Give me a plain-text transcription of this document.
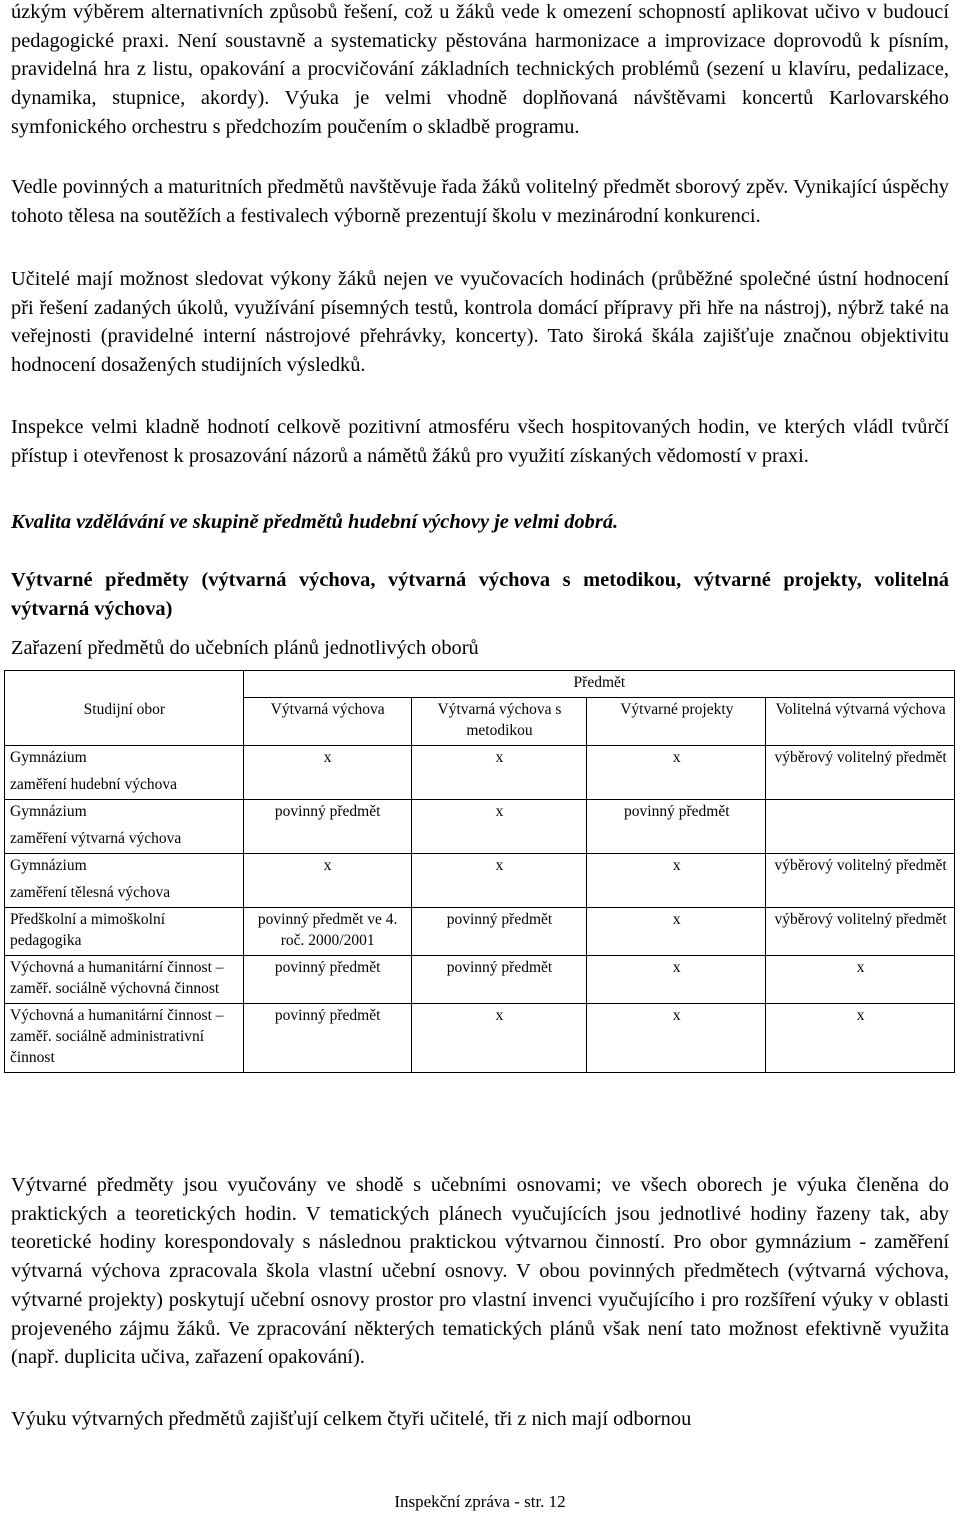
úzkým výběrem alternativních způsobů řešení, což u žáků vede k omezení schopností aplikovat učivo v budoucí pedagogické praxi. Není soustavně a systematicky pěstována harmonizace a improvizace doprovodů k písním, pravidelná hra z listu, opakování a procvičování základních technických problémů (sezení u klavíru, pedalizace, dynamika, stupnice, akordy). Výuka je velmi vhodně doplňovaná návštěvami koncertů Karlovarského symfonického orchestru s předchozím poučením o skladbě programu.

Vedle povinných a maturitních předmětů navštěvuje řada žáků volitelný předmět sborový zpěv. Vynikající úspěchy tohoto tělesa na soutěžích a festivalech výborně prezentují školu v mezinárodní konkurenci.

Učitelé mají možnost sledovat výkony žáků nejen ve vyučovacích hodinách (průběžné společné ústní hodnocení při řešení zadaných úkolů, využívání písemných testů, kontrola domácí přípravy při hře na nástroj), nýbrž také na veřejnosti (pravidelné interní nástrojové přehrávky, koncerty). Tato široká škála zajišťuje značnou objektivitu hodnocení dosažených studijních výsledků.

Inspekce velmi kladně hodnotí celkově pozitivní atmosféru všech hospitovaných hodin, ve kterých vládl tvůrčí přístup i otevřenost k prosazování názorů a námětů žáků pro využití získaných vědomostí v praxi.

Kvalita vzdělávání ve skupině předmětů hudební výchovy je velmi dobrá.
Výtvarné předměty (výtvarná výchova, výtvarná výchova s metodikou, výtvarné projekty, volitelná výtvarná výchova)
Zařazení předmětů do učebních plánů jednotlivých oborů
	Předmět			
Studijní obor	Výtvarná výchova	Výtvarná výchova s metodikou	Výtvarné projekty	Volitelná výtvarná výchova

Gymnázium
zaměření hudební výchova	x	x	x	výběrový volitelný předmět

Gymnázium
zaměření výtvarná výchova	povinný předmět	x	povinný předmět	

Gymnázium
zaměření tělesná výchova	x	x	x	výběrový volitelný předmět
Předškolní a mimoškolní pedagogika	povinný předmět ve 4. roč. 2000/2001	povinný předmět	x	výběrový volitelný předmět
Výchovná a humanitární činnost – zaměř. sociálně výchovná činnost	povinný předmět	povinný předmět	x	x
Výchovná a humanitární činnost – zaměř. sociálně administrativní činnost	povinný předmět	x	x	x

Výtvarné předměty jsou vyučovány ve shodě s učebními osnovami; ve všech oborech je výuka členěna do praktických a teoretických hodin. V tematických plánech vyučujících jsou jednotlivé hodiny řazeny tak, aby teoretické hodiny korespondovaly s následnou praktickou výtvarnou činností. Pro obor gymnázium - zaměření výtvarná výchova zpracovala škola vlastní učební osnovy. V obou povinných předmětech (výtvarná výchova, výtvarné projekty) poskytují učební osnovy prostor pro vlastní invenci vyučujícího i pro rozšíření výuky v oblasti projeveného zájmu žáků. Ve zpracování některých tematických plánů však není tato možnost efektivně využita (např. duplicita učiva, zařazení opakování).

Výuku výtvarných předmětů zajišťují celkem čtyři učitelé, tři z nich mají odbornou

Inspekční zpráva - str. 12
